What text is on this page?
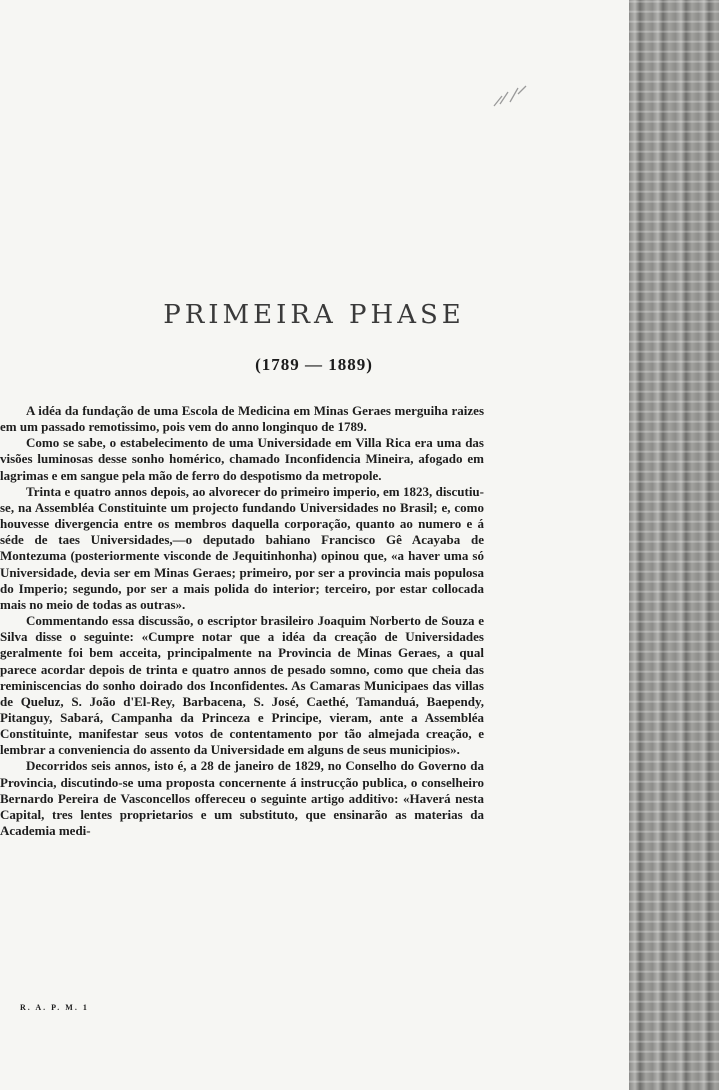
PRIMEIRA PHASE
(1789 — 1889)

A idéa da fundação de uma Escola de Medicina em Minas Geraes merguiha raizes em um passado remotissimo, pois vem do anno longinquo de 1789.

Como se sabe, o estabelecimento de uma Universidade em Villa Rica era uma das visões luminosas desse sonho homérico, chamado Inconfidencia Mineira, afogado em lagrimas e em sangue pela mão de ferro do despotismo da metropole.

Trinta e quatro annos depois, ao alvorecer do primeiro imperio, em 1823, discutiu-se, na Assembléa Constituinte um projecto fundando Universidades no Brasil; e, como houvesse divergencia entre os membros daquella corporação, quanto ao numero e á séde de taes Universidades,—o deputado bahiano Francisco Gê Acayaba de Montezuma (posteriormente visconde de Jequitinhonha) opinou que, «a haver uma só Universidade, devia ser em Minas Geraes; primeiro, por ser a provincia mais populosa do Imperio; segundo, por ser a mais polida do interior; terceiro, por estar collocada mais no meio de todas as outras».

Commentando essa discussão, o escriptor brasileiro Joaquim Norberto de Souza e Silva disse o seguinte: «Cumpre notar que a idéa da creação de Universidades geralmente foi bem acceita, principalmente na Provincia de Minas Geraes, a qual parece acordar depois de trinta e quatro annos de pesado somno, como que cheia das reminiscencias do sonho doirado dos Inconfidentes. As Camaras Municipaes das villas de Queluz, S. João d'El-Rey, Barbacena, S. José, Caethé, Tamanduá, Baependy, Pitanguy, Sabará, Campanha da Princeza e Principe, vieram, ante a Assembléa Constituinte, manifestar seus votos de contentamento por tão almejada creação, e lembrar a conveniencia do assento da Universidade em alguns de seus municipios».

Decorridos seis annos, isto é, a 28 de janeiro de 1829, no Conselho do Governo da Provincia, discutindo-se uma proposta concernente á instrucção publica, o conselheiro Bernardo Pereira de Vasconcellos offereceu o seguinte artigo additivo: «Haverá nesta Capital, tres lentes proprietarios e um substituto, que ensinarão as materias da Academia medi-

R. A. P. M. 1
